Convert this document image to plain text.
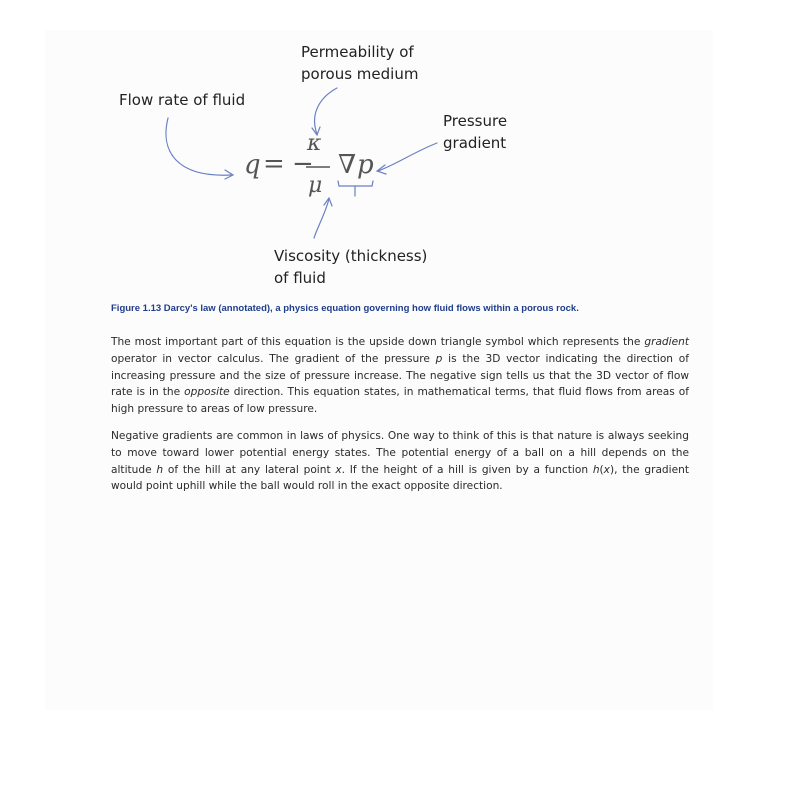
Flow rate of fluid
Permeability of
porous medium
Pressure
gradient
Viscosity (thickness)
of fluid
q = −
κ
μ
∇ p
Figure 1.13 Darcy's law (annotated), a physics equation governing how fluid flows within a porous rock.

The most important part of this equation is the upside down triangle symbol which represents the gradient operator in vector calculus. The gradient of the pressure p is the 3D vector indicating the direction of increasing pressure and the size of pressure increase. The negative sign tells us that the 3D vector of flow rate is in the opposite direction. This equation states, in mathematical terms, that fluid flows from areas of high pressure to areas of low pressure.

Negative gradients are common in laws of physics. One way to think of this is that nature is always seeking to move toward lower potential energy states. The potential energy of a ball on a hill depends on the altitude h of the hill at any lateral point x. If the height of a hill is given by a function h(x), the gradient would point uphill while the ball would roll in the exact opposite direction.
